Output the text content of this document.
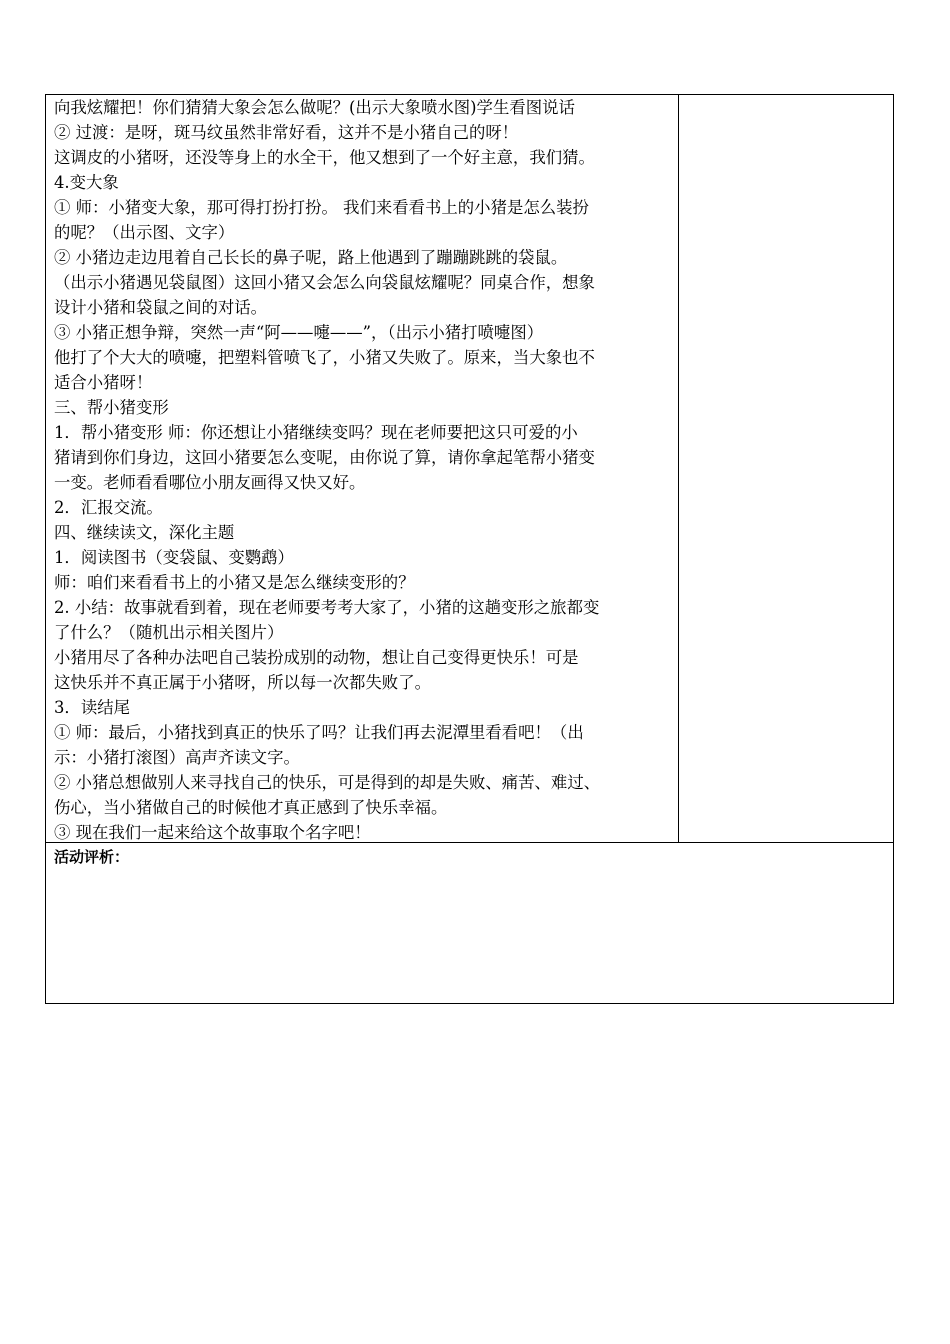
向我炫耀把！你们猜猜大象会怎么做呢？(出示大象喷水图)学生看图说话
② 过渡：是呀，斑马纹虽然非常好看，这并不是小猪自己的呀！
这调皮的小猪呀，还没等身上的水全干，他又想到了一个好主意，我们猜。
4.变大象
① 师：小猪变大象，那可得打扮打扮。 我们来看看书上的小猪是怎么装扮
的呢？（出示图、文字）
② 小猪边走边甩着自己长长的鼻子呢，路上他遇到了蹦蹦跳跳的袋鼠。
（出示小猪遇见袋鼠图）这回小猪又会怎么向袋鼠炫耀呢？同桌合作，想象
设计小猪和袋鼠之间的对话。
③ 小猪正想争辩，突然一声“阿——嚏——”，（出示小猪打喷嚏图）
他打了个大大的喷嚏，把塑料管喷飞了，小猪又失败了。原来，当大象也不
适合小猪呀！
三、帮小猪变形
1．帮小猪变形 师：你还想让小猪继续变吗？现在老师要把这只可爱的小
猪请到你们身边，这回小猪要怎么变呢，由你说了算，请你拿起笔帮小猪变
一变。老师看看哪位小朋友画得又快又好。
2．汇报交流。
四、继续读文，深化主题
1．阅读图书（变袋鼠、变鹦鹉）
师：咱们来看看书上的小猪又是怎么继续变形的？
2. 小结：故事就看到着，现在老师要考考大家了，小猪的这趟变形之旅都变
了什么？（随机出示相关图片）
小猪用尽了各种办法吧自己装扮成别的动物，想让自己变得更快乐！可是
这快乐并不真正属于小猪呀，所以每一次都失败了。
3．读结尾
① 师：最后，小猪找到真正的快乐了吗？让我们再去泥潭里看看吧！（出
示：小猪打滚图）高声齐读文字。
② 小猪总想做别人来寻找自己的快乐，可是得到的却是失败、痛苦、难过、
伤心，当小猪做自己的时候他才真正感到了快乐幸福。
③ 现在我们一起来给这个故事取个名字吧！
活动评析：
